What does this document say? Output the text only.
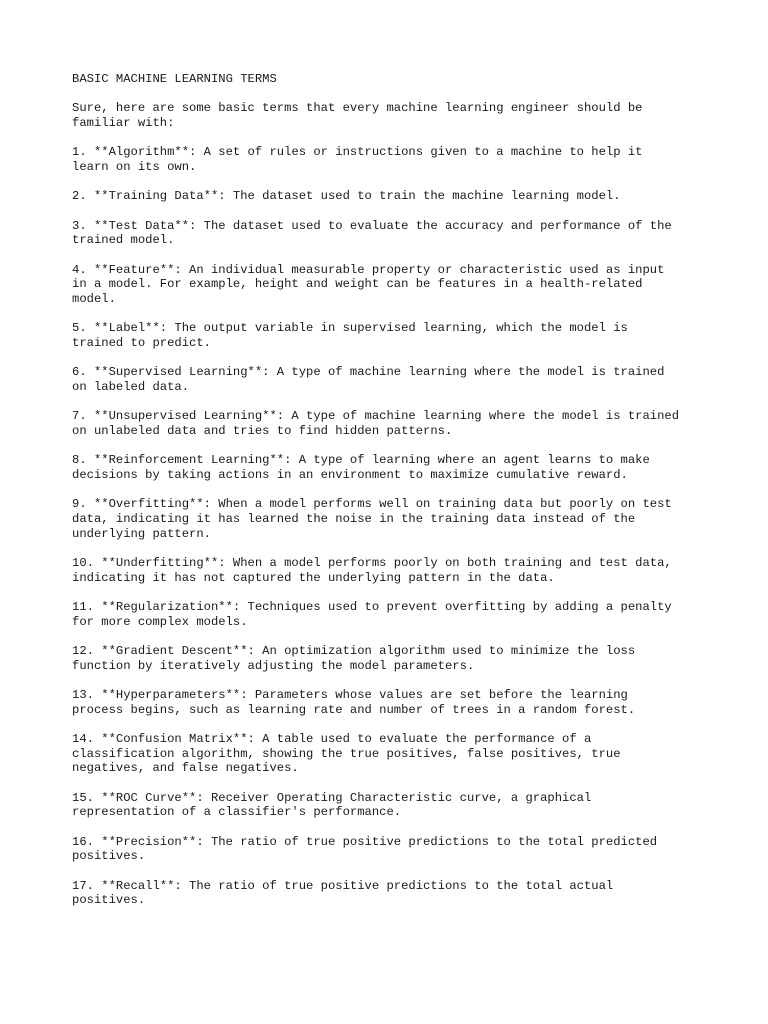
BASIC MACHINE LEARNING TERMS
Sure, here are some basic terms that every machine learning engineer should be
familiar with:
1. **Algorithm**: A set of rules or instructions given to a machine to help it
learn on its own.
2. **Training Data**: The dataset used to train the machine learning model.
3. **Test Data**: The dataset used to evaluate the accuracy and performance of the
trained model.
4. **Feature**: An individual measurable property or characteristic used as input
in a model. For example, height and weight can be features in a health-related
model.
5. **Label**: The output variable in supervised learning, which the model is
trained to predict.
6. **Supervised Learning**: A type of machine learning where the model is trained
on labeled data.
7. **Unsupervised Learning**: A type of machine learning where the model is trained
on unlabeled data and tries to find hidden patterns.
8. **Reinforcement Learning**: A type of learning where an agent learns to make
decisions by taking actions in an environment to maximize cumulative reward.
9. **Overfitting**: When a model performs well on training data but poorly on test
data, indicating it has learned the noise in the training data instead of the
underlying pattern.
10. **Underfitting**: When a model performs poorly on both training and test data,
indicating it has not captured the underlying pattern in the data.
11. **Regularization**: Techniques used to prevent overfitting by adding a penalty
for more complex models.
12. **Gradient Descent**: An optimization algorithm used to minimize the loss
function by iteratively adjusting the model parameters.
13. **Hyperparameters**: Parameters whose values are set before the learning
process begins, such as learning rate and number of trees in a random forest.
14. **Confusion Matrix**: A table used to evaluate the performance of a
classification algorithm, showing the true positives, false positives, true
negatives, and false negatives.
15. **ROC Curve**: Receiver Operating Characteristic curve, a graphical
representation of a classifier's performance.
16. **Precision**: The ratio of true positive predictions to the total predicted
positives.
17. **Recall**: The ratio of true positive predictions to the total actual
positives.
